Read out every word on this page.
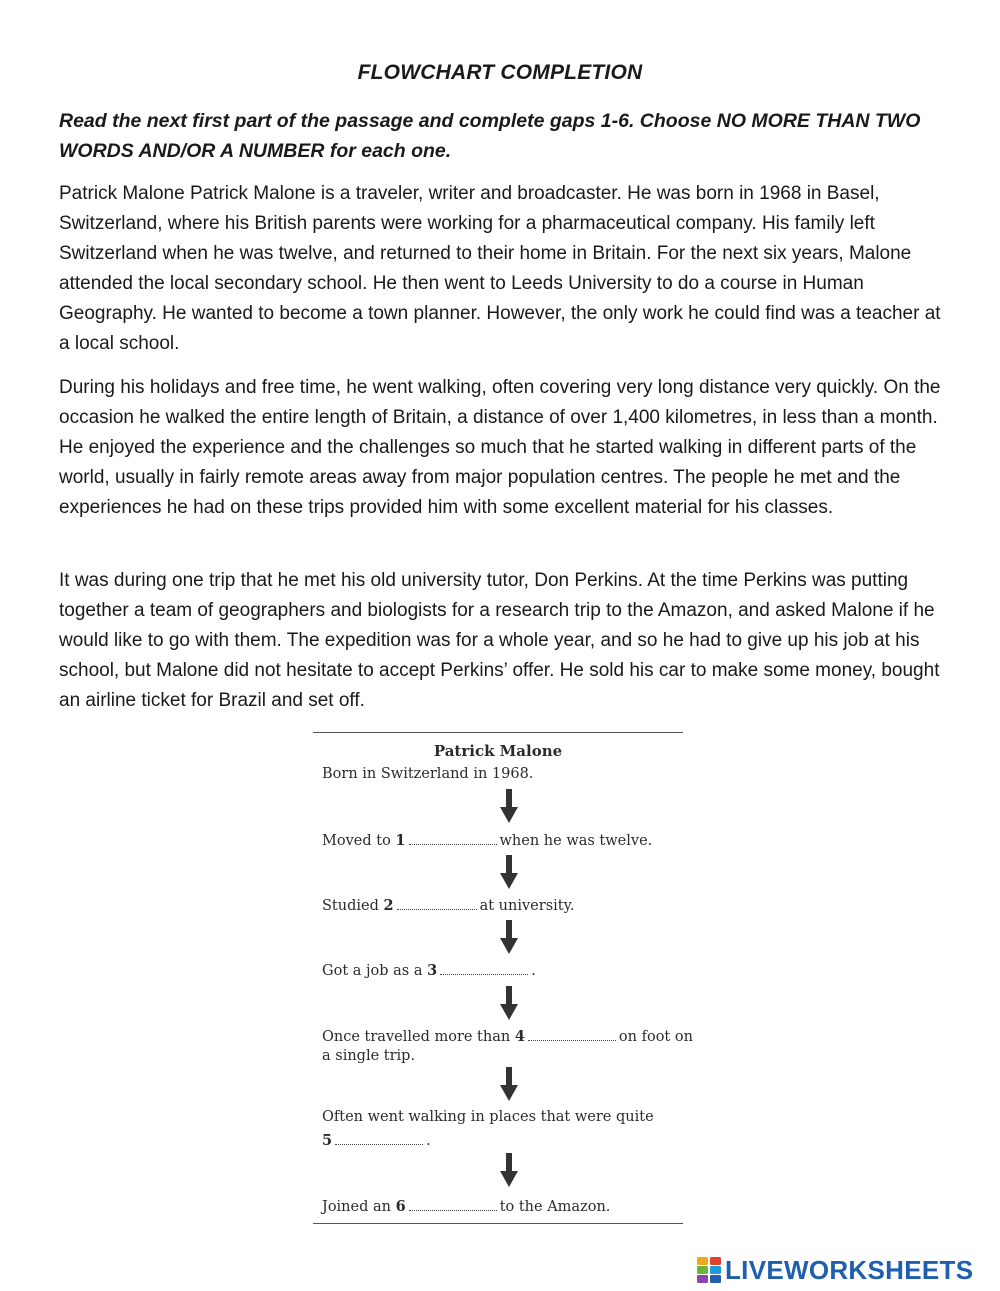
FLOWCHART COMPLETION
Read the next first part of the passage and complete gaps 1-6. Choose NO MORE THAN TWO WORDS AND/OR A NUMBER for each one.

Patrick Malone Patrick Malone is a traveler, writer and broadcaster. He was born in 1968 in Basel, Switzerland, where his British parents were working for a pharmaceutical company. His family left Switzerland when he was twelve, and returned to their home in Britain. For the next six years, Malone attended the local secondary school. He then went to Leeds University to do a course in Human Geography. He wanted to become a town planner. However, the only work he could find was a teacher at a local school.

During his holidays and free time, he went walking, often covering very long distance very quickly. On the occasion he walked the entire length of Britain, a distance of over 1,400 kilometres, in less than a month. He enjoyed the experience and the challenges so much that he started walking in different parts of the world, usually in fairly remote areas away from major population centres. The people he met and the experiences he had on these trips provided him with some excellent material for his classes.

It was during one trip that he met his old university tutor, Don Perkins. At the time Perkins was putting together a team of geographers and biologists for a research trip to the Amazon, and asked Malone if he would like to go with them. The expedition was for a whole year, and so he had to give up his job at his school, but Malone did not hesitate to accept Perkins’ offer. He sold his car to make some money, bought an airline ticket for Brazil and set off.

Patrick Malone
Born in Switzerland in 1968.
Moved to 1	when he was twelve.
Studied 2	at university.
Got a job as a 3	.
Once travelled more than 4	on foot on
a single trip.
Often went walking in places that were quite
5	.
Joined an 6	to the Amazon.
LIVEWORKSHEETS
